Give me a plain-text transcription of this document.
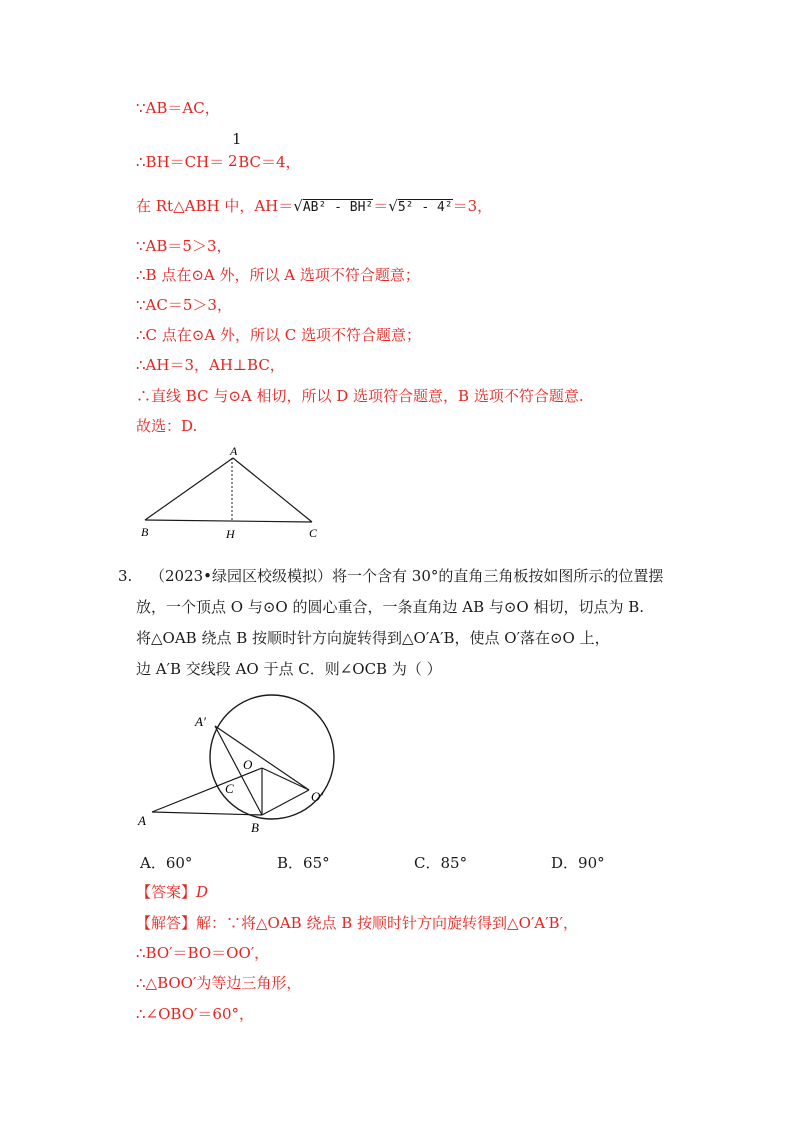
∵AB＝AC，
∴BH＝CH＝ BC＝4，
1
2
在 Rt△ABH 中，AH＝√AB² - BH²＝√5² - 4²＝3，
∵AB＝5＞3，
∴B 点在⊙A 外，所以 A 选项不符合题意；
∵AC＝5＞3，
∴C 点在⊙A 外，所以 C 选项不符合题意；
∴AH＝3，AH⊥BC，
∴直线 BC 与⊙A 相切，所以 D 选项符合题意，B 选项不符合题意.
故选：D.
A
B	H	C
A′
O
C
O′
A	B
3. （2023•绿园区校级模拟）将一个含有 30°的直角三角板按如图所示的位置摆
放，一个顶点 O 与⊙O 的圆心重合，一条直角边 AB 与⊙O 相切，切点为 B.
将△OAB 绕点 B 按顺时针方向旋转得到△O′A′B，使点 O′落在⊙O 上，
边 A′B 交线段 AO 于点 C．则∠OCB 为（ ）
A．60°	B．65°	C．85°	D．90°
【答案】D
【解答】解：∵将△OAB 绕点 B 按顺时针方向旋转得到△O′A′B′，
∴BO′＝BO＝OO′，
∴△BOO′为等边三角形，
∴∠OBO′＝60°，
